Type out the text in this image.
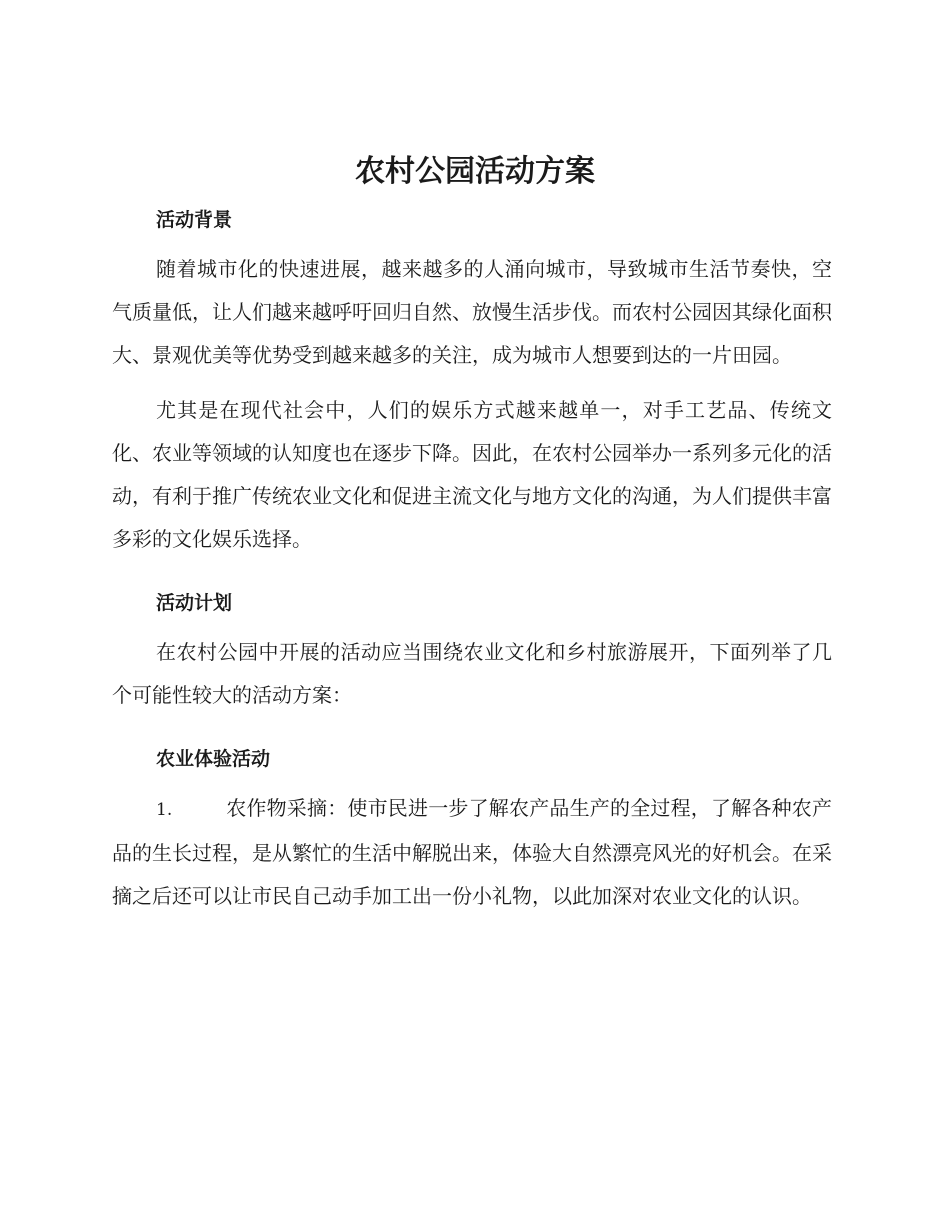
农村公园活动方案
活动背景

随着城市化的快速进展，越来越多的人涌向城市，导致城市生活节奏快，空气质量低，让人们越来越呼吁回归自然、放慢生活步伐。而农村公园因其绿化面积大、景观优美等优势受到越来越多的关注，成为城市人想要到达的一片田园。

尤其是在现代社会中，人们的娱乐方式越来越单一，对手工艺品、传统文化、农业等领域的认知度也在逐步下降。因此，在农村公园举办一系列多元化的活动，有利于推广传统农业文化和促进主流文化与地方文化的沟通，为人们提供丰富多彩的文化娱乐选择。

活动计划

在农村公园中开展的活动应当围绕农业文化和乡村旅游展开，下面列举了几个可能性较大的活动方案：

农业体验活动

1.	农作物采摘：使市民进一步了解农产品生产的全过程，了解各种农产品的生长过程，是从繁忙的生活中解脱出来，体验大自然漂亮风光的好机会。在采摘之后还可以让市民自己动手加工出一份小礼物，以此加深对农业文化的认识。
